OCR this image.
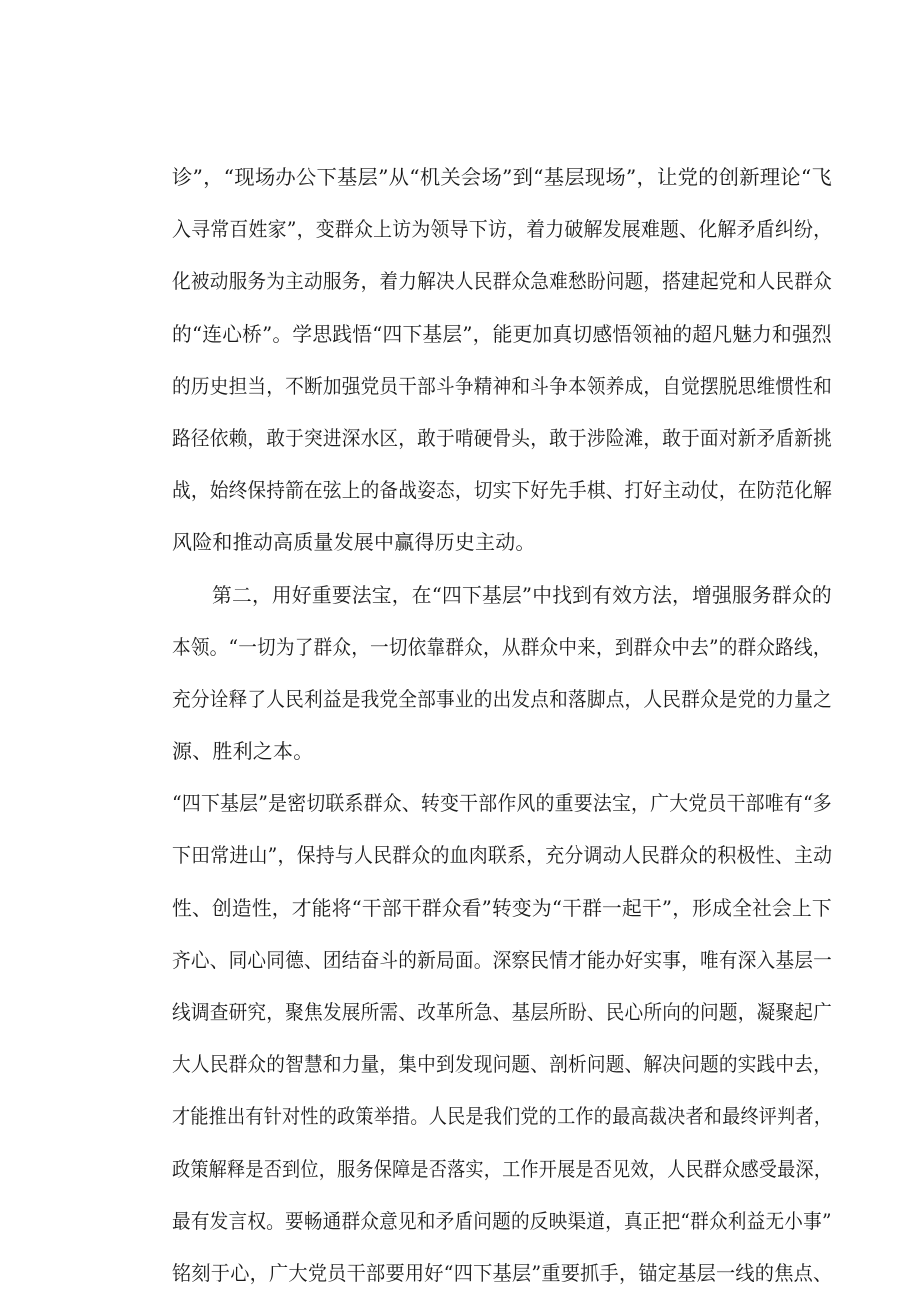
诊”，“现场办公下基层”从“机关会场”到“基层现场”，让党的创新理论“飞
入寻常百姓家”，变群众上访为领导下访，着力破解发展难题、化解矛盾纠纷，
化被动服务为主动服务，着力解决人民群众急难愁盼问题，搭建起党和人民群众
的“连心桥”。学思践悟“四下基层”，能更加真切感悟领袖的超凡魅力和强烈
的历史担当，不断加强党员干部斗争精神和斗争本领养成，自觉摆脱思维惯性和
路径依赖，敢于突进深水区，敢于啃硬骨头，敢于涉险滩，敢于面对新矛盾新挑
战，始终保持箭在弦上的备战姿态，切实下好先手棋、打好主动仗，在防范化解
风险和推动高质量发展中赢得历史主动。
第二，用好重要法宝，在“四下基层”中找到有效方法，增强服务群众的
本领。“一切为了群众，一切依靠群众，从群众中来，到群众中去”的群众路线，
充分诠释了人民利益是我党全部事业的出发点和落脚点，人民群众是党的力量之
源、胜利之本。
“四下基层”是密切联系群众、转变干部作风的重要法宝，广大党员干部唯有“多
下田常进山”，保持与人民群众的血肉联系，充分调动人民群众的积极性、主动
性、创造性，才能将“干部干群众看”转变为“干群一起干”，形成全社会上下
齐心、同心同德、团结奋斗的新局面。深察民情才能办好实事，唯有深入基层一
线调查研究，聚焦发展所需、改革所急、基层所盼、民心所向的问题，凝聚起广
大人民群众的智慧和力量，集中到发现问题、剖析问题、解决问题的实践中去，
才能推出有针对性的政策举措。人民是我们党的工作的最高裁决者和最终评判者，
政策解释是否到位，服务保障是否落实，工作开展是否见效，人民群众感受最深，
最有发言权。要畅通群众意见和矛盾问题的反映渠道，真正把“群众利益无小事”
铭刻于心，广大党员干部要用好“四下基层”重要抓手，锚定基层一线的焦点、
